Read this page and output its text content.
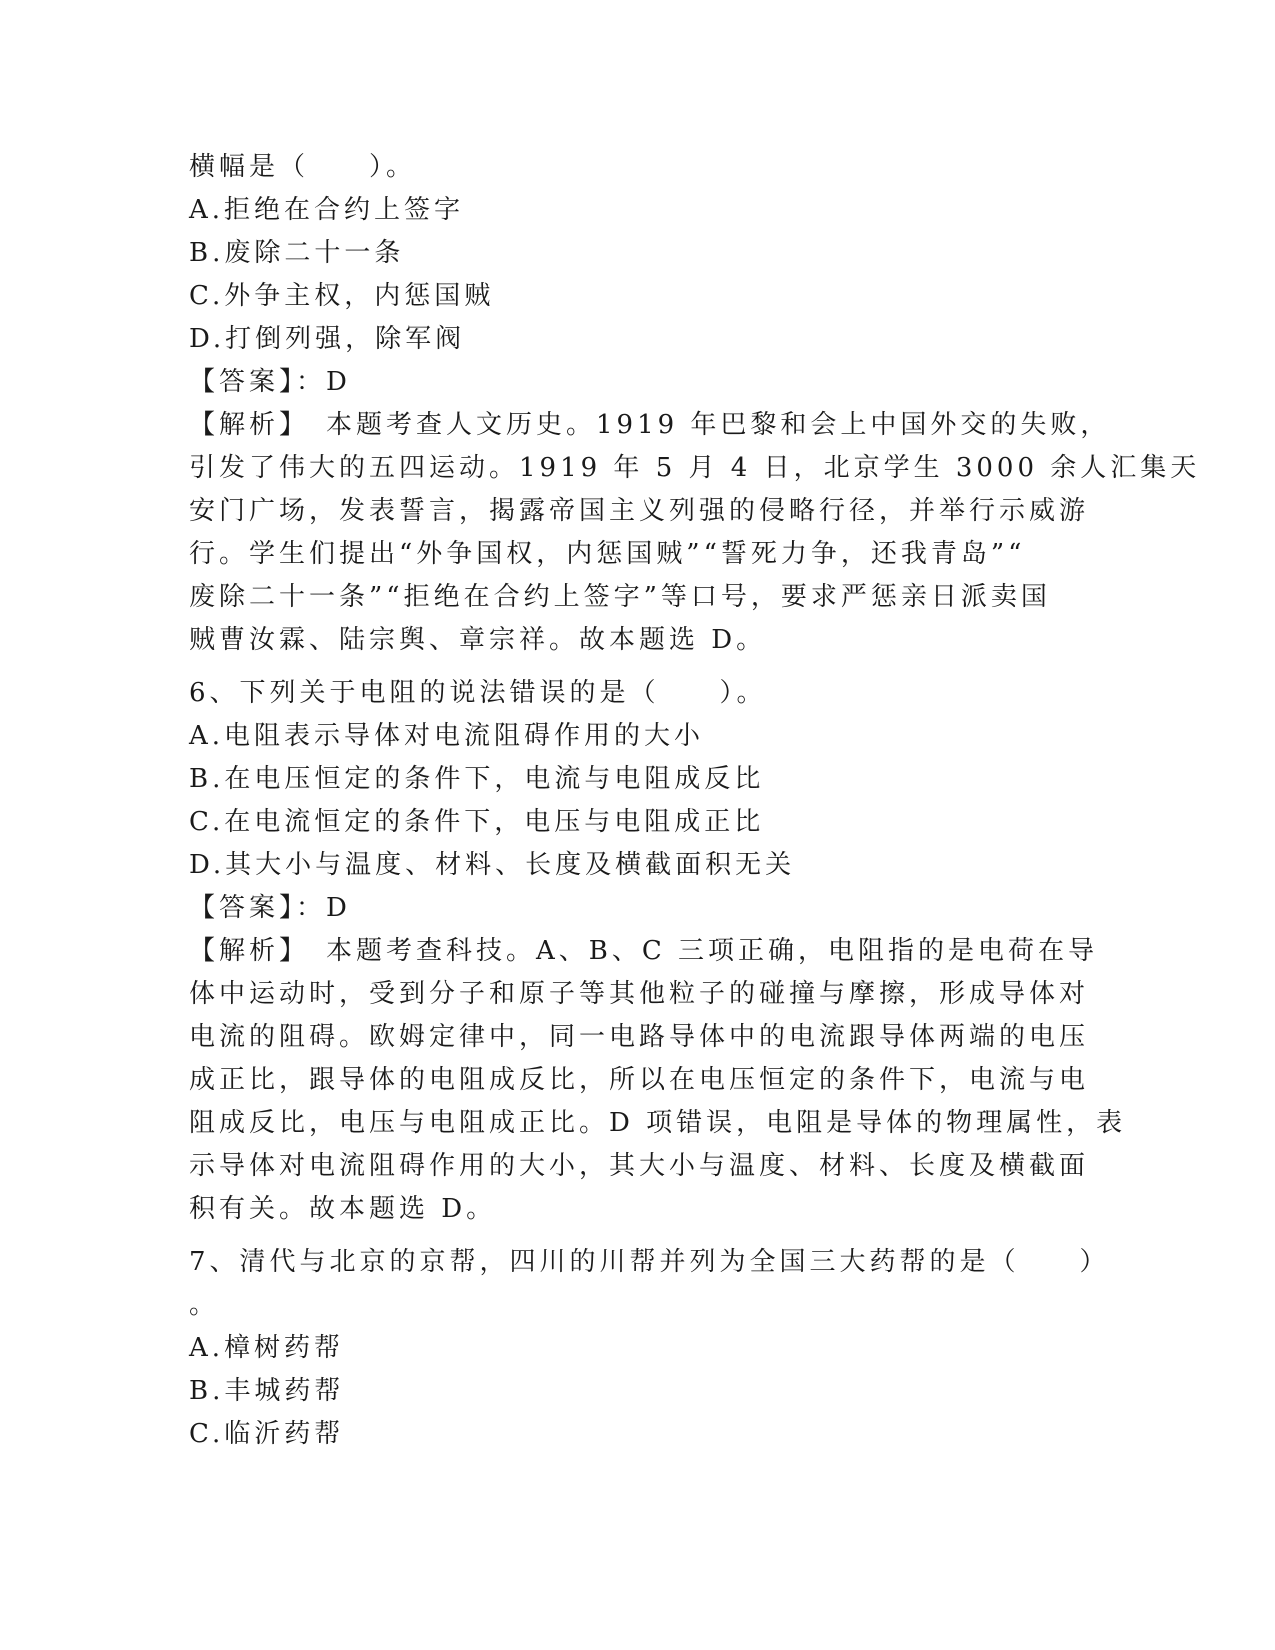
横幅是（　　）。

A.拒绝在合约上签字

B.废除二十一条

C.外争主权，内惩国贼

D.打倒列强，除军阀

【答案】：D

【解析】　本题考查人文历史。1919 年巴黎和会上中国外交的失败，

引发了伟大的五四运动。1919 年 5 月 4 日，北京学生 3000 余人汇集天

安门广场，发表誓言，揭露帝国主义列强的侵略行径，并举行示威游

行。学生们提出“外争国权，内惩国贼”“誓死力争，还我青岛”“

废除二十一条”“拒绝在合约上签字”等口号，要求严惩亲日派卖国

贼曹汝霖、陆宗舆、章宗祥。故本题选 D。

6、下列关于电阻的说法错误的是（　　）。

A.电阻表示导体对电流阻碍作用的大小

B.在电压恒定的条件下，电流与电阻成反比

C.在电流恒定的条件下，电压与电阻成正比

D.其大小与温度、材料、长度及横截面积无关

【答案】：D

【解析】　本题考查科技。A、B、C 三项正确，电阻指的是电荷在导

体中运动时，受到分子和原子等其他粒子的碰撞与摩擦，形成导体对

电流的阻碍。欧姆定律中，同一电路导体中的电流跟导体两端的电压

成正比，跟导体的电阻成反比，所以在电压恒定的条件下，电流与电

阻成反比，电压与电阻成正比。D 项错误，电阻是导体的物理属性，表

示导体对电流阻碍作用的大小，其大小与温度、材料、长度及横截面

积有关。故本题选 D。

7、清代与北京的京帮，四川的川帮并列为全国三大药帮的是（　　）

。

A.樟树药帮

B.丰城药帮

C.临沂药帮
